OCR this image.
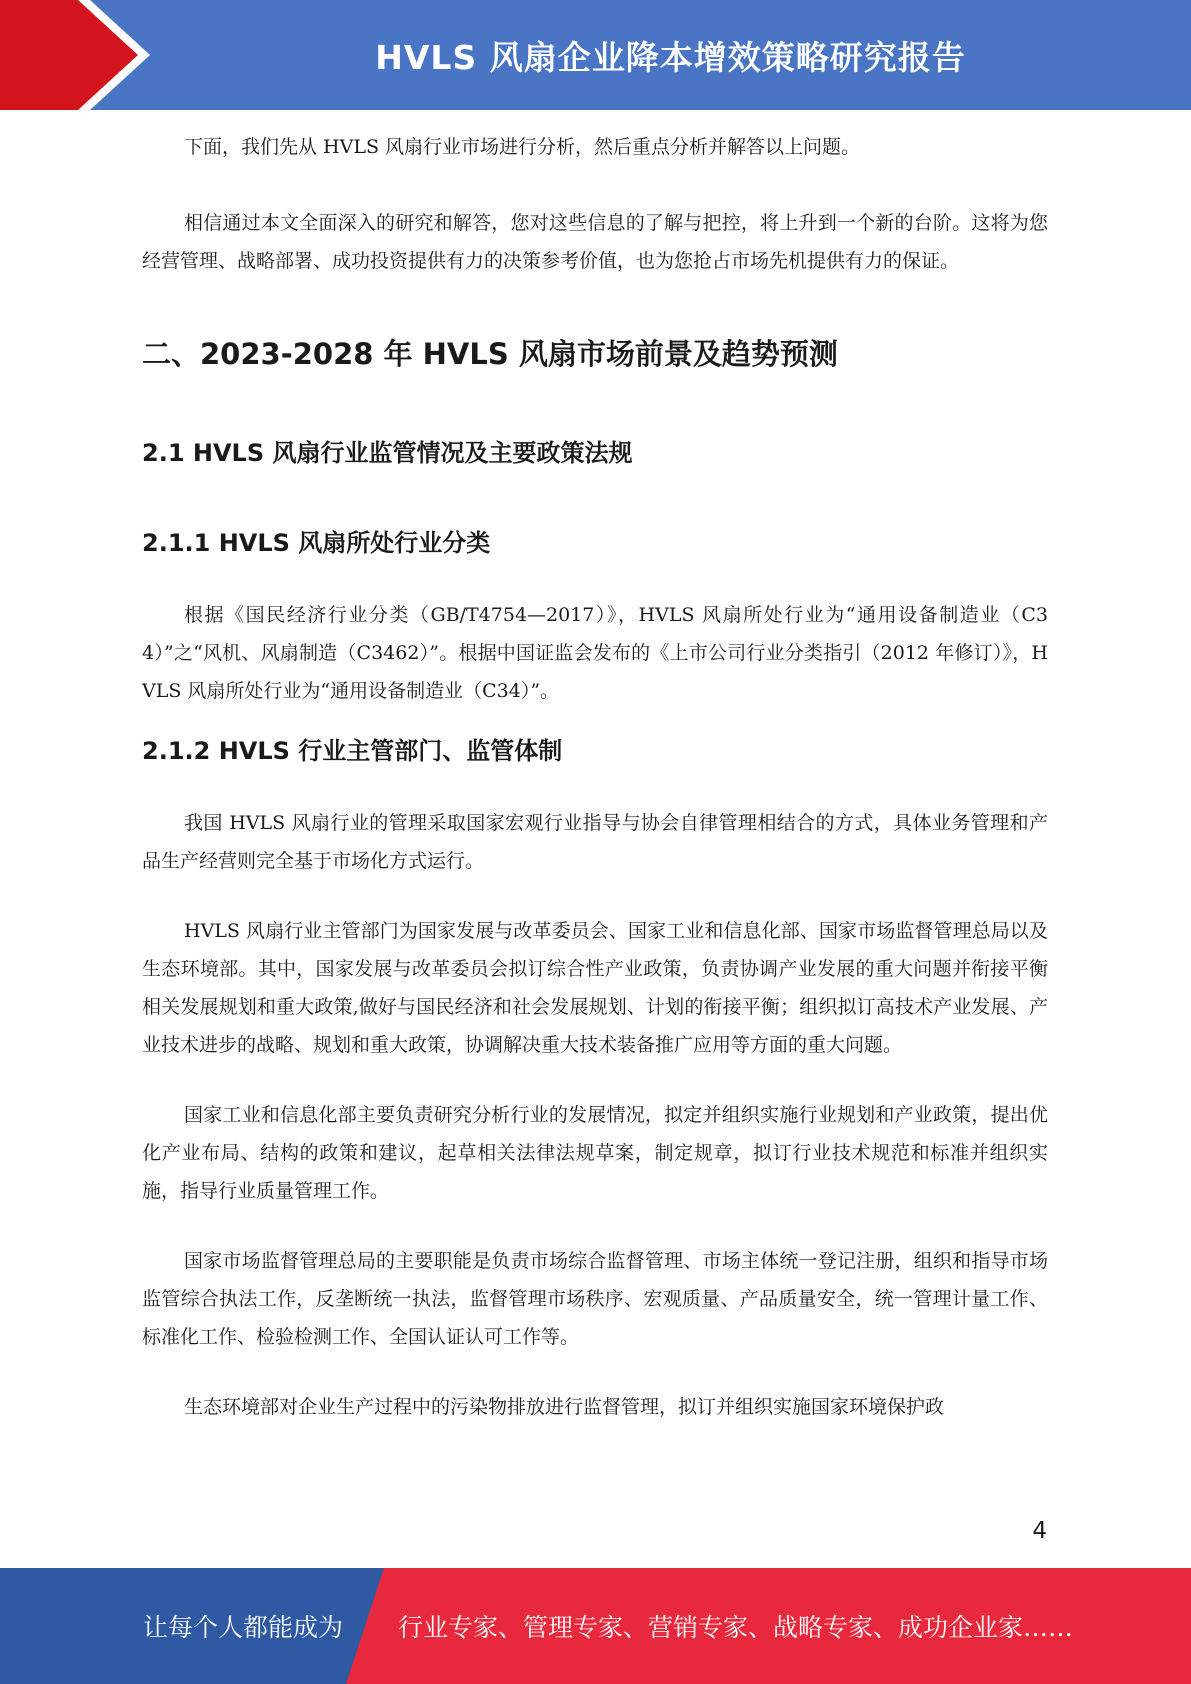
HVLS 风扇企业降本增效策略研究报告

下面，我们先从 HVLS 风扇行业市场进行分析，然后重点分析并解答以上问题。

相信通过本文全面深入的研究和解答，您对这些信息的了解与把控，将上升到一个新的台阶。这将为您经营管理、战略部署、成功投资提供有力的决策参考价值，也为您抢占市场先机提供有力的保证。

二、2023-2028 年 HVLS 风扇市场前景及趋势预测
2.1 HVLS 风扇行业监管情况及主要政策法规
2.1.1 HVLS 风扇所处行业分类

根据《国民经济行业分类（GB/T4754—2017）》，HVLS 风扇所处行业为“通用设备制造业（C34）”之“风机、风扇制造（C3462）”。根据中国证监会发布的《上市公司行业分类指引（2012 年修订）》，HVLS 风扇所处行业为“通用设备制造业（C34）”。

2.1.2 HVLS 行业主管部门、监管体制

我国 HVLS 风扇行业的管理采取国家宏观行业指导与协会自律管理相结合的方式，具体业务管理和产品生产经营则完全基于市场化方式运行。

HVLS 风扇行业主管部门为国家发展与改革委员会、国家工业和信息化部、国家市场监督管理总局以及生态环境部。其中，国家发展与改革委员会拟订综合性产业政策，负责协调产业发展的重大问题并衔接平衡相关发展规划和重大政策,做好与国民经济和社会发展规划、计划的衔接平衡；组织拟订高技术产业发展、产业技术进步的战略、规划和重大政策，协调解决重大技术装备推广应用等方面的重大问题。

国家工业和信息化部主要负责研究分析行业的发展情况，拟定并组织实施行业规划和产业政策，提出优化产业布局、结构的政策和建议，起草相关法律法规草案，制定规章，拟订行业技术规范和标准并组织实施，指导行业质量管理工作。

国家市场监督管理总局的主要职能是负责市场综合监督管理、市场主体统一登记注册，组织和指导市场监管综合执法工作，反垄断统一执法，监督管理市场秩序、宏观质量、产品质量安全，统一管理计量工作、标准化工作、检验检测工作、全国认证认可工作等。

生态环境部对企业生产过程中的污染物排放进行监督管理，拟订并组织实施国家环境保护政

4
让每个人都能成为 行业专家、管理专家、营销专家、战略专家、成功企业家……
